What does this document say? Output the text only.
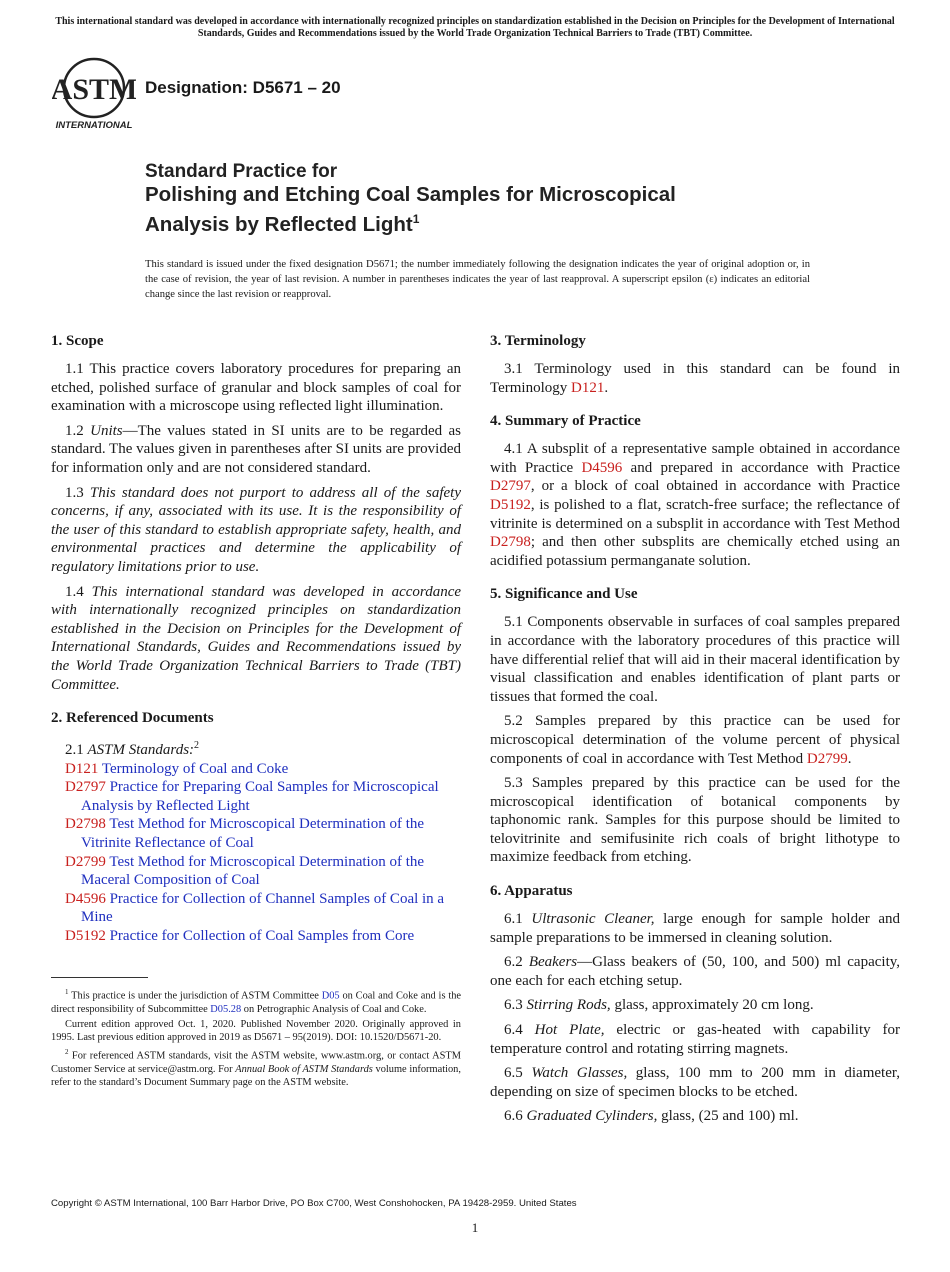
This international standard was developed in accordance with internationally recognized principles on standardization established in the Decision on Principles for the Development of International Standards, Guides and Recommendations issued by the World Trade Organization Technical Barriers to Trade (TBT) Committee.
ASTM
INTERNATIONAL
Designation: D5671 – 20
Standard Practice for
Polishing and Etching Coal Samples for Microscopical
Analysis by Reflected Light$^1$
This standard is issued under the fixed designation D5671; the number immediately following the designation indicates the year of original adoption or, in the case of revision, the year of last revision. A number in parentheses indicates the year of last reapproval. A superscript epsilon (ε) indicates an editorial change since the last revision or reapproval.
1. Scope

1.1 This practice covers laboratory procedures for preparing an etched, polished surface of granular and block samples of coal for examination with a microscope using reflected light illumination.

1.2 Units—The values stated in SI units are to be regarded as standard. The values given in parentheses after SI units are provided for information only and are not considered standard.

1.3 This standard does not purport to address all of the safety concerns, if any, associated with its use. It is the responsibility of the user of this standard to establish appropriate safety, health, and environmental practices and determine the applicability of regulatory limitations prior to use.

1.4 This international standard was developed in accordance with internationally recognized principles on standardization established in the Decision on Principles for the Development of International Standards, Guides and Recommendations issued by the World Trade Organization Technical Barriers to Trade (TBT) Committee.

2. Referenced Documents

2.1 ASTM Standards:$^2$

D121 Terminology of Coal and Coke
D2797 Practice for Preparing Coal Samples for Microscopical Analysis by Reflected Light
D2798 Test Method for Microscopical Determination of the Vitrinite Reflectance of Coal
D2799 Test Method for Microscopical Determination of the Maceral Composition of Coal
D4596 Practice for Collection of Channel Samples of Coal in a Mine
D5192 Practice for Collection of Coal Samples from Core

$^1$ This practice is under the jurisdiction of ASTM Committee D05 on Coal and Coke and is the direct responsibility of Subcommittee D05.28 on Petrographic Analysis of Coal and Coke.

Current edition approved Oct. 1, 2020. Published November 2020. Originally approved in 1995. Last previous edition approved in 2019 as D5671 – 95(2019). DOI: 10.1520/D5671-20.

$^2$ For referenced ASTM standards, visit the ASTM website, www.astm.org, or contact ASTM Customer Service at service@astm.org. For Annual Book of ASTM Standards volume information, refer to the standard’s Document Summary page on the ASTM website.

3. Terminology

3.1 Terminology used in this standard can be found in Terminology D121.

4. Summary of Practice

4.1 A subsplit of a representative sample obtained in accordance with Practice D4596 and prepared in accordance with Practice D2797, or a block of coal obtained in accordance with Practice D5192, is polished to a flat, scratch-free surface; the reflectance of vitrinite is determined on a subsplit in accordance with Test Method D2798; and then other subsplits are chemically etched using an acidified potassium permanganate solution.

5. Significance and Use

5.1 Components observable in surfaces of coal samples prepared in accordance with the laboratory procedures of this practice will have differential relief that will aid in their maceral identification by visual classification and enables identification of plant parts or tissues that formed the coal.

5.2 Samples prepared by this practice can be used for microscopical determination of the volume percent of physical components of coal in accordance with Test Method D2799.

5.3 Samples prepared by this practice can be used for the microscopical identification of botanical components by taphonomic rank. Samples for this purpose should be limited to telovitrinite and semifusinite rich coals of bright lithotype to maximize feedback from etching.

6. Apparatus

6.1 Ultrasonic Cleaner, large enough for sample holder and sample preparations to be immersed in cleaning solution.

6.2 Beakers—Glass beakers of (50, 100, and 500) ml capacity, one each for each etching setup.

6.3 Stirring Rods, glass, approximately 20 cm long.

6.4 Hot Plate, electric or gas-heated with capability for temperature control and rotating stirring magnets.

6.5 Watch Glasses, glass, 100 mm to 200 mm in diameter, depending on size of specimen blocks to be etched.

6.6 Graduated Cylinders, glass, (25 and 100) ml.

Copyright © ASTM International, 100 Barr Harbor Drive, PO Box C700, West Conshohocken, PA 19428-2959. United States
1
